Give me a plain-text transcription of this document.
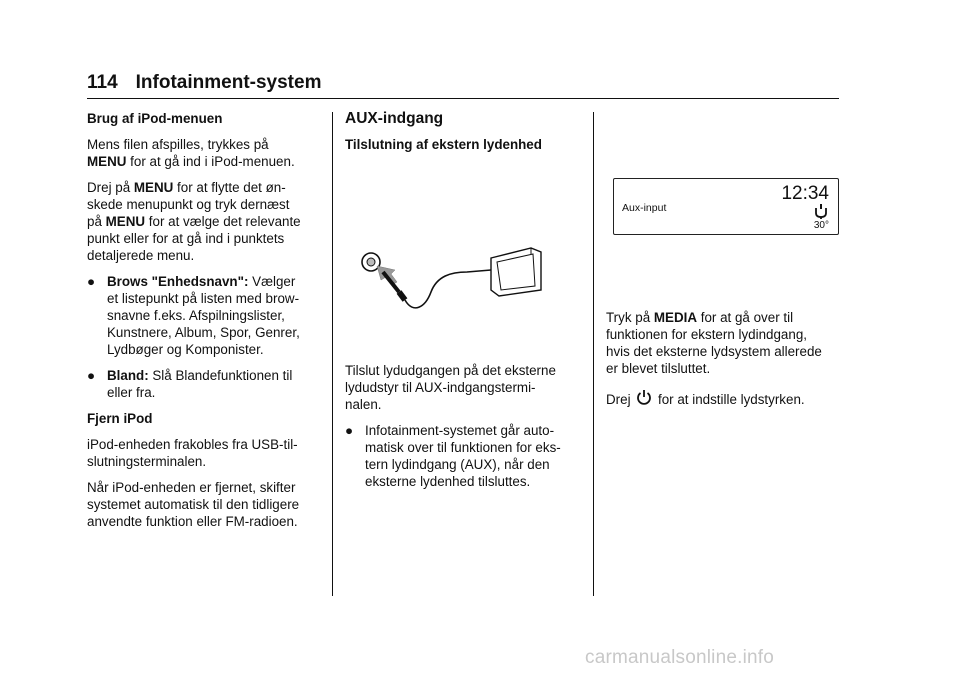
114 Infotainment-system

Brug af iPod-menuen

Mens filen afspilles, trykkes på
MENU for at gå ind i iPod-menuen.

Drej på MENU for at flytte det øn-
skede menupunkt og tryk dernæst
på MENU for at vælge det relevante
punkt eller for at gå ind i punktets
detaljerede menu.

● Brows "Enhedsnavn": Vælger
et listepunkt på listen med brow-
snavne f.eks. Afspilningslister,
Kunstnere, Album, Spor, Genrer,
Lydbøger og Komponister.
● Bland: Slå Blandefunktionen til
eller fra.

Fjern iPod

iPod-enheden frakobles fra USB-til-
slutningsterminalen.

Når iPod-enheden er fjernet, skifter
systemet automatisk til den tidligere
anvendte funktion eller FM-radioen.

AUX-indgang

Tilslutning af ekstern lydenhed

Tilslut lydudgangen på det eksterne
lydudstyr til AUX-indgangstermi-
nalen.

● Infotainment-systemet går auto-
matisk over til funktionen for eks-
tern lydindgang (AUX), når den
eksterne lydenhed tilsluttes.
12:34
Aux-input
30°

Tryk på MEDIA for at gå over til
funktionen for ekstern lydindgang,
hvis det eksterne lydsystem allerede
er blevet tilsluttet.

Drej  for at indstille lydstyrken.

carmanualsonline.info
